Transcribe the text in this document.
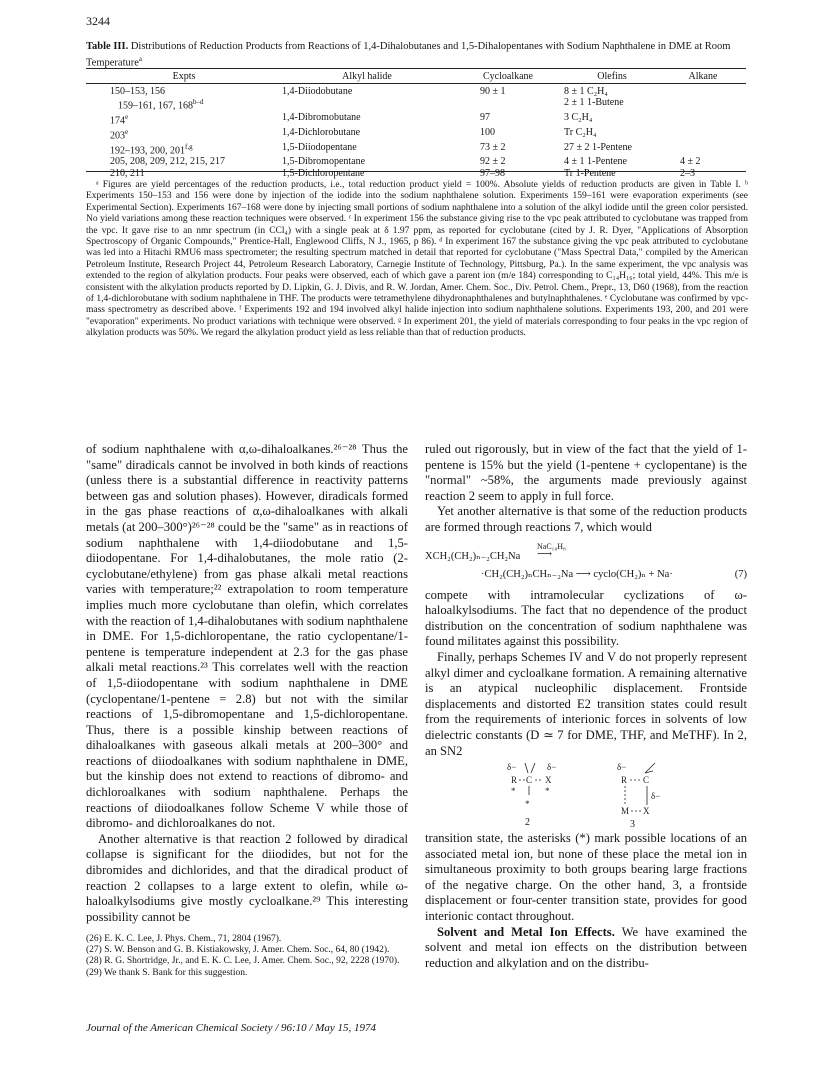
3244
Table III. Distributions of Reduction Products from Reactions of 1,4-Dihalobutanes and 1,5-Dihalopentanes with Sodium Naphthalene in DME at Room Temperature$^a$
Expts	Alkyl halide	Cycloalkane	Olefins	Alkane

150–153, 156	1,4-Diiodobutane	90 ± 1	8 ± 1 C₂H₄	
159–161, 167, 168$^{b-d}$			2 ± 1 1-Butene	
174e	1,4-Dibromobutane	97	3 C₂H₄	
203e	1,4-Dichlorobutane	100	Tr C₂H₄	
192–193, 200, 201$^{f,g}$	1,5-Diiodopentane	73 ± 2	27 ± 2 1-Pentene	
205, 208, 209, 212, 215, 217	1,5-Dibromopentane	92 ± 2	4 ± 1 1-Pentene	4 ± 2
210, 211	1,5-Dichloropentane	97–98	Tr 1-Pentene	2–3
ᵃ Figures are yield percentages of the reduction products, i.e., total reduction product yield = 100%. Absolute yields of reduction products are given in Table I. ᵇ Experiments 150–153 and 156 were done by injection of the iodide into the sodium naphthalene solution. Experiments 159–161 were evaporation experiments (see Experimental Section). Experiments 167–168 were done by injecting small portions of sodium naphthalene into a solution of the alkyl iodide until the green color persisted. No yield variations among these reaction techniques were observed. ᶜ In experiment 156 the substance giving rise to the vpc peak attributed to cyclobutane was trapped from the vpc. It gave rise to an nmr spectrum (in CCl₄) with a single peak at δ 1.97 ppm, as reported for cyclobutane (cited by J. R. Dyer, "Applications of Absorption Spectroscopy of Organic Compounds," Prentice-Hall, Englewood Cliffs, N J., 1965, p 86). ᵈ In experiment 167 the substance giving the vpc peak attributed to cyclobutane was led into a Hitachi RMU6 mass spectrometer; the resulting spectrum matched in detail that reported for cyclobutane ("Mass Spectral Data," compiled by the American Petroleum Institute, Research Project 44, Petroleum Research Laboratory, Carnegie Institute of Technology, Pittsburg, Pa.). In the same experiment, the vpc analysis was extended to the region of alkylation products. Four peaks were observed, each of which gave a parent ion (m/e 184) corresponding to C₁₄H₁₆; total yield, 44%. This m/e is consistent with the alkylation products reported by D. Lipkin, G. J. Divis, and R. W. Jordan, Amer. Chem. Soc., Div. Petrol. Chem., Prepr., 13, D60 (1968), from the reaction of 1,4-dichlorobutane with sodium naphthalene in THF. The products were tetramethylene dihydronaphthalenes and butylnaphthalenes. ᵉ Cyclobutane was confirmed by vpc-mass spectrometry as described above. ᶠ Experiments 192 and 194 involved alkyl halide injection into sodium naphthalene solutions. Experiments 193, 200, and 201 were "evaporation" experiments. No product variations with technique were observed. ᵍ In experiment 201, the yield of materials corresponding to four peaks in the vpc region of alkylation products was 50%. We regard the alkylation product yield as less reliable than that of reduction products.

of sodium naphthalene with α,ω-dihaloalkanes.²⁶⁻²⁸ Thus the "same" diradicals cannot be involved in both kinds of reactions (unless there is a substantial difference in reactivity patterns between gas and solution phases). However, diradicals formed in the gas phase reactions of α,ω-dihaloalkanes with alkali metals (at 200–300°)²⁶⁻²⁸ could be the "same" as in reactions of sodium naphthalene with 1,4-diiodobutane and 1,5-diiodopentane. For 1,4-dihalobutanes, the mole ratio (2-cyclobutane/ethylene) from gas phase alkali metal reactions varies with temperature;²² extrapolation to room temperature implies much more cyclobutane than olefin, which correlates with the reaction of 1,4-dihalobutanes with sodium naphthalene in DME. For 1,5-dichloropentane, the ratio cyclopentane/1-pentene is temperature independent at 2.3 for the gas phase alkali metal reactions.²³ This correlates well with the reaction of 1,5-diiodopentane with sodium naphthalene in DME (cyclopentane/1-pentene = 2.8) but not with the similar reactions of 1,5-dibromopentane and 1,5-dichloropentane. Thus, there is a possible kinship between reactions of dihaloalkanes with gaseous alkali metals at 200–300° and reactions of diiodoalkanes with sodium naphthalene in DME, but the kinship does not extend to reactions of dibromo- and dichloroalkanes with sodium naphthalene. Perhaps the reactions of diiodoalkanes follow Scheme V while those of dibromo- and dichloroalkanes do not.

Another alternative is that reaction 2 followed by diradical collapse is significant for the diiodides, but not for the dibromides and dichlorides, and that the diradical product of reaction 2 collapses to a large extent to olefin, while ω-haloalkylsodiums give mostly cycloalkane.²⁹ This interesting possibility cannot be

(26) E. K. C. Lee, J. Phys. Chem., 71, 2804 (1967).
(27) S. W. Benson and G. B. Kistiakowsky, J. Amer. Chem. Soc., 64, 80 (1942).
(28) R. G. Shortridge, Jr., and E. K. C. Lee, J. Amer. Chem. Soc., 92, 2228 (1970).
(29) We thank S. Bank for this suggestion.

ruled out rigorously, but in view of the fact that the yield of 1-pentene is 15% but the yield (1-pentene + cyclopentane) is the "normal" ~58%, the arguments made previously against reaction 2 seem to apply in full force.

Yet another alternative is that some of the reduction products are formed through reactions 7, which would

NaC₁₀H₈
XCH₂(CH₂)ₙ₋₂CH₂Na ⟶
·CH₂(CH₂)ₙCHₙ₋₂Na ⟶ cyclo(CH₂)ₙ + Na·	(7)

compete with intramolecular cyclizations of ω-haloalkylsodiums. The fact that no dependence of the product distribution on the concentration of sodium naphthalene was found militates against this possibility.

Finally, perhaps Schemes IV and V do not properly represent alkyl dimer and cycloalkane formation. A remaining alternative is an atypical nucleophilic displacement. Frontside displacements and distorted E2 transition states could result from the requirements of interionic forces in solvents of low dielectric constants (D ≃ 7 for DME, THF, and MeTHF). In 2, an SN2

δ−	δ−
R C X
*	*
*
δ−
R C
δ−
M X
2	3

transition state, the asterisks (*) mark possible locations of an associated metal ion, but none of these place the metal ion in simultaneous proximity to both groups bearing large fractions of the negative charge. On the other hand, 3, a frontside displacement or four-center transition state, provides for good interionic contact throughout.

Solvent and Metal Ion Effects. We have examined the solvent and metal ion effects on the distribution between reduction and alkylation and on the distribu-

Journal of the American Chemical Society / 96:10 / May 15, 1974
